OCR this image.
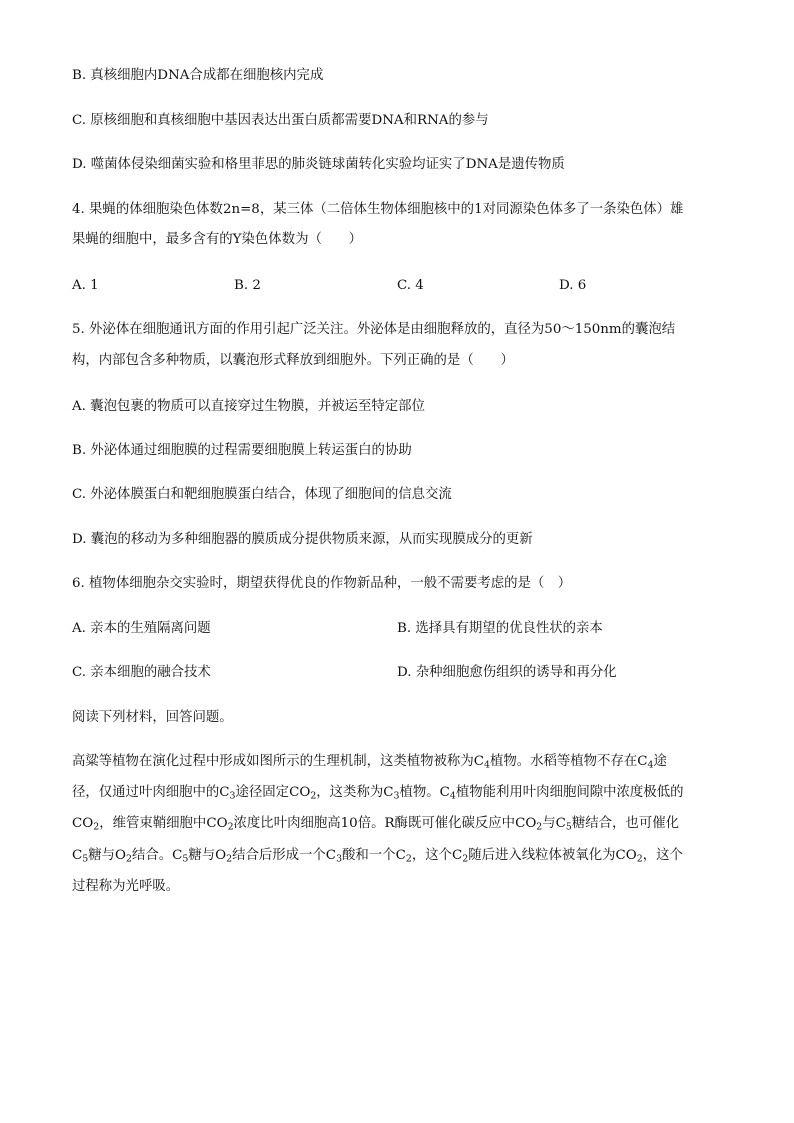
B. 真核细胞内DNA合成都在细胞核内完成
C. 原核细胞和真核细胞中基因表达出蛋白质都需要DNA和RNA的参与
D. 噬菌体侵染细菌实验和格里菲思的肺炎链球菌转化实验均证实了DNA是遗传物质
4. 果蝇的体细胞染色体数2n=8，某三体（二倍体生物体细胞核中的1对同源染色体多了一条染色体）雄
果蝇的细胞中，最多含有的Y染色体数为（　　）
A. 1	B. 2	C. 4	D. 6
5. 外泌体在细胞通讯方面的作用引起广泛关注。外泌体是由细胞释放的，直径为50～150nm的囊泡结
构，内部包含多种物质，以囊泡形式释放到细胞外。下列正确的是（　　）
A. 囊泡包裹的物质可以直接穿过生物膜，并被运至特定部位
B. 外泌体通过细胞膜的过程需要细胞膜上转运蛋白的协助
C. 外泌体膜蛋白和靶细胞膜蛋白结合，体现了细胞间的信息交流
D. 囊泡的移动为多种细胞器的膜质成分提供物质来源，从而实现膜成分的更新
6. 植物体细胞杂交实验时，期望获得优良的作物新品种，一般不需要考虑的是（　）
A. 亲本的生殖隔离问题	B. 选择具有期望的优良性状的亲本
C. 亲本细胞的融合技术	D. 杂种细胞愈伤组织的诱导和再分化
阅读下列材料，回答问题。
高粱等植物在演化过程中形成如图所示的生理机制，这类植物被称为$C_4$植物。水稻等植物不存在$C_4$途
径，仅通过叶肉细胞中的$C_3$途径固定$CO_2$，这类称为$C_3$植物。$C_4$植物能利用叶肉细胞间隙中浓度极低的
$CO_2$，维管束鞘细胞中$CO_2$浓度比叶肉细胞高10倍。R酶既可催化碳反应中$CO_2$与$C_5$糖结合，也可催化
$C_5$糖与$O_2$结合。$C_5$糖与$O_2$结合后形成一个$C_3$酸和一个$C_2$，这个$C_2$随后进入线粒体被氧化为$CO_2$，这个
过程称为光呼吸。
